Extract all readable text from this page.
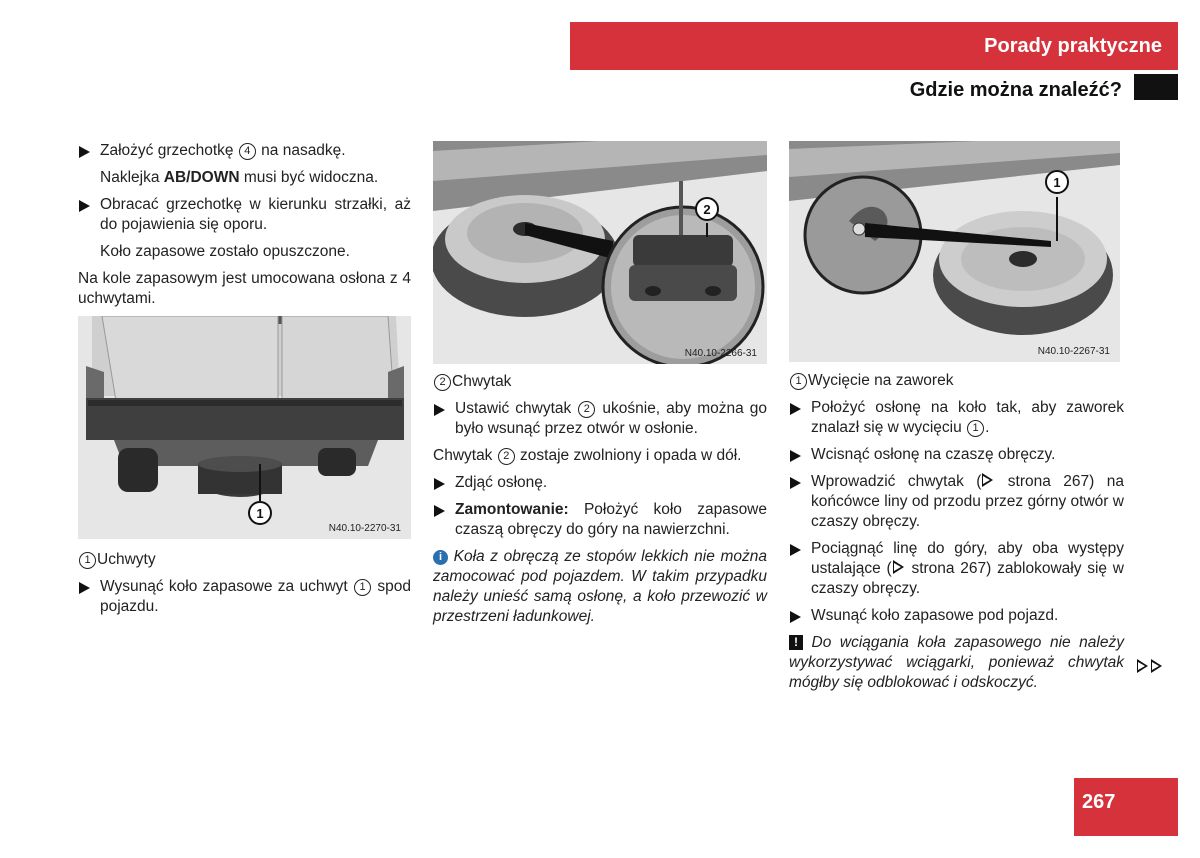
Porady praktyczne
Gdzie można znaleźć?
Założyć grzechotkę 4 na nasadkę.
Naklejka AB/DOWN musi być widoczna.
Obracać grzechotkę w kierunku strzałki, aż do pojawienia się oporu.
Koło zapasowe zostało opuszczone.
Na kole zapasowym jest umocowana osłona z 4 uchwytami.
1
N40.10-2270-31
1 Uchwyty
Wysunąć koło zapasowe za uchwyt 1 spod pojazdu.
2
N40.10-2266-31
2 Chwytak
Ustawić chwytak 2 ukośnie, aby można go było wsunąć przez otwór w osłonie.
Chwytak 2 zostaje zwolniony i opada w dół.
Zdjąć osłonę.
Zamontowanie: Położyć koło zapasowe czaszą obręczy do góry na nawierzchni.
i Koła z obręczą ze stopów lekkich nie można zamocować pod pojazdem. W takim przypadku należy unieść samą osłonę, a koło przewozić w przestrzeni ładunkowej.
1
N40.10-2267-31
1 Wycięcie na zaworek
Położyć osłonę na koło tak, aby zaworek znalazł się w wycięciu 1 .
Wcisnąć osłonę na czaszę obręczy.
Wprowadzić chwytak ( strona 267) na końcówce liny od przodu przez górny otwór w czaszy obręczy.
Pociągnąć linę do góry, aby oba występy ustalające ( strona 267) zablokowały się w czaszy obręczy.
Wsunąć koło zapasowe pod pojazd.
! Do wciągania koła zapasowego nie należy wykorzystywać wciągarki, ponieważ chwytak mógłby się odblokować i odskoczyć.
267
